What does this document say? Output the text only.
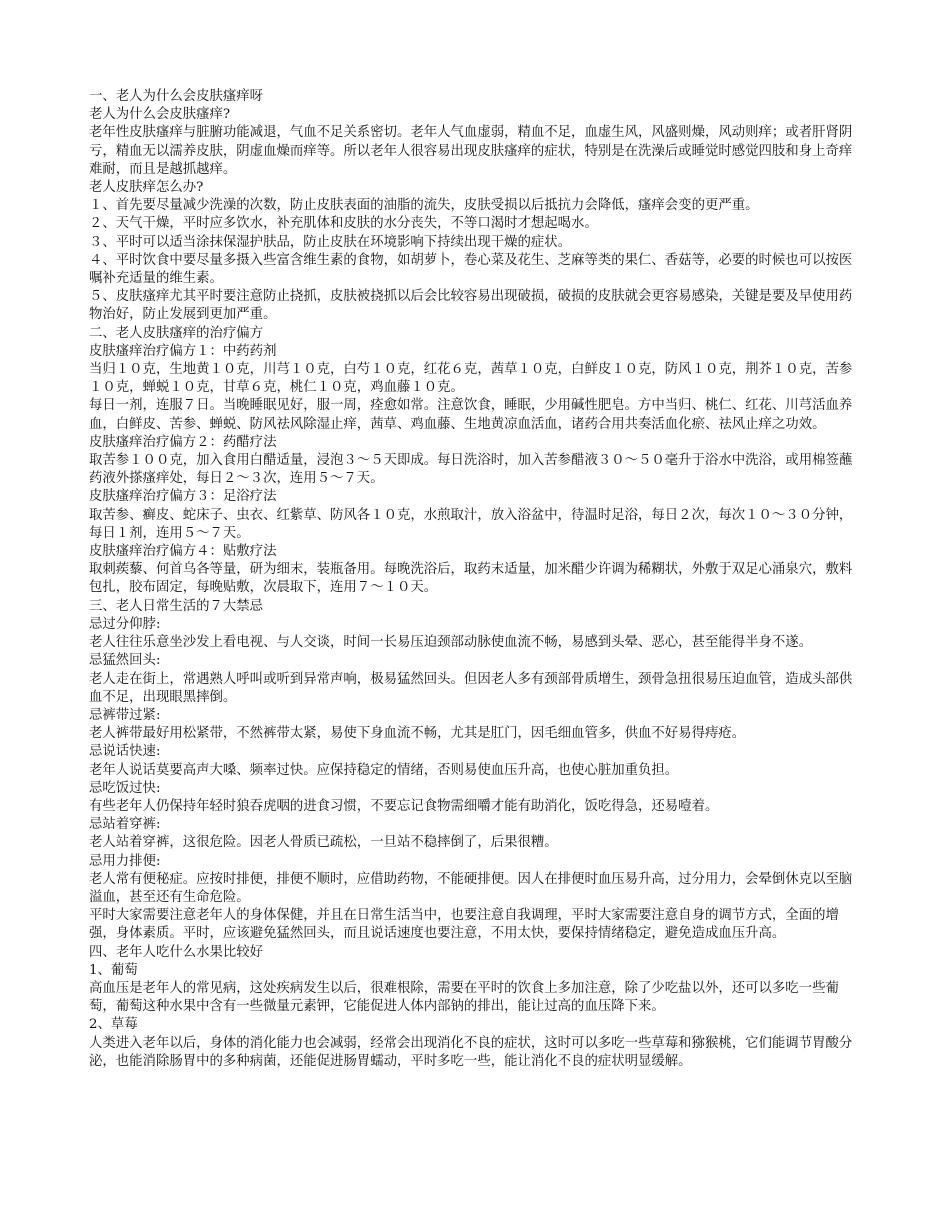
一、老人为什么会皮肤瘙痒呀

老人为什么会皮肤瘙痒?

老年性皮肤瘙痒与脏腑功能减退，气血不足关系密切。老年人气血虚弱，精血不足，血虚生风，风盛则燥，风动则痒；或者肝肾阴亏，精血无以濡养皮肤，阴虚血燥而痒等。所以老年人很容易出现皮肤瘙痒的症状，特别是在洗澡后或睡觉时感觉四肢和身上奇痒难耐，而且是越抓越痒。

老人皮肤痒怎么办?

１、首先要尽量减少洗澡的次数，防止皮肤表面的油脂的流失，皮肤受损以后抵抗力会降低，瘙痒会变的更严重。

２、天气干燥，平时应多饮水，补充肌体和皮肤的水分丧失，不等口渴时才想起喝水。

３、平时可以适当涂抹保湿护肤品，防止皮肤在环境影响下持续出现干燥的症状。

４、平时饮食中要尽量多摄入些富含维生素的食物，如胡萝卜，卷心菜及花生、芝麻等类的果仁、香菇等，必要的时候也可以按医嘱补充适量的维生素。

５、皮肤瘙痒尤其平时要注意防止挠抓，皮肤被挠抓以后会比较容易出现破损，破损的皮肤就会更容易感染，关键是要及早使用药物治好，防止发展到更加严重。

二、老人皮肤瘙痒的治疗偏方

皮肤瘙痒治疗偏方１：中药药剂

当归１０克，生地黄１０克，川芎１０克，白芍１０克，红花６克，茜草１０克，白鲜皮１０克，防风１０克，荆芥１０克，苦参１０克，蝉蜕１０克，甘草６克，桃仁１０克，鸡血藤１０克。

每日一剂，连服７日。当晚睡眠见好，服一周，痊愈如常。注意饮食，睡眠，少用碱性肥皂。方中当归、桃仁、红花、川芎活血养血，白鲜皮、苦参、蝉蜕、防风祛风除湿止痒，茜草、鸡血藤、生地黄凉血活血，诸药合用共奏活血化瘀、祛风止痒之功效。

皮肤瘙痒治疗偏方２：药醋疗法

取苦参１００克，加入食用白醋适量，浸泡３～５天即成。每日洗浴时，加入苦参醋液３０～５０毫升于浴水中洗浴，或用棉签蘸药液外搽瘙痒处，每日２～３次，连用５～７天。

皮肤瘙痒治疗偏方３：足浴疗法

取苦参、癣皮、蛇床子、虫衣、红紫草、防风各１０克，水煎取汁，放入浴盆中，待温时足浴，每日２次，每次１０～３０分钟，每日１剂，连用５～７天。

皮肤瘙痒治疗偏方４：贴敷疗法

取刺蒺藜、何首乌各等量，研为细末，装瓶备用。每晚洗浴后，取药末适量，加米醋少许调为稀糊状，外敷于双足心涌泉穴，敷料包扎，胶布固定，每晚贴敷，次晨取下，连用７～１０天。

三、老人日常生活的７大禁忌

忌过分仰脖:

老人往往乐意坐沙发上看电视、与人交谈，时间一长易压迫颈部动脉使血流不畅，易感到头晕、恶心，甚至能得半身不遂。

忌猛然回头:

老人走在街上，常遇熟人呼叫或听到异常声响，极易猛然回头。但因老人多有颈部骨质增生，颈骨急扭很易压迫血管，造成头部供血不足，出现眼黑摔倒。

忌裤带过紧:

老人裤带最好用松紧带，不然裤带太紧，易使下身血流不畅，尤其是肛门，因毛细血管多，供血不好易得痔疮。

忌说话快速:

老年人说话莫要高声大嗓、频率过快。应保持稳定的情绪，否则易使血压升高，也使心脏加重负担。

忌吃饭过快:

有些老年人仍保持年轻时狼吞虎咽的进食习惯，不要忘记食物需细嚼才能有助消化，饭吃得急，还易噎着。

忌站着穿裤:

老人站着穿裤，这很危险。因老人骨质已疏松，一旦站不稳摔倒了，后果很糟。

忌用力排便:

老人常有便秘症。应按时排便，排便不顺时，应借助药物，不能硬排便。因人在排便时血压易升高，过分用力，会晕倒休克以至脑溢血，甚至还有生命危险。

平时大家需要注意老年人的身体保健，并且在日常生活当中，也要注意自我调理，平时大家需要注意自身的调节方式，全面的增强，身体素质。平时，应该避免猛然回头，而且说话速度也要注意，不用太快，要保持情绪稳定，避免造成血压升高。

四、老年人吃什么水果比较好

1、葡萄

高血压是老年人的常见病，这处疾病发生以后，很难根除，需要在平时的饮食上多加注意，除了少吃盐以外，还可以多吃一些葡萄，葡萄这种水果中含有一些微量元素钾，它能促进人体内部钠的排出，能让过高的血压降下来。

2、草莓

人类进入老年以后，身体的消化能力也会减弱，经常会出现消化不良的症状，这时可以多吃一些草莓和猕猴桃，它们能调节胃酸分泌，也能消除肠胃中的多种病菌，还能促进肠胃蠕动，平时多吃一些，能让消化不良的症状明显缓解。
